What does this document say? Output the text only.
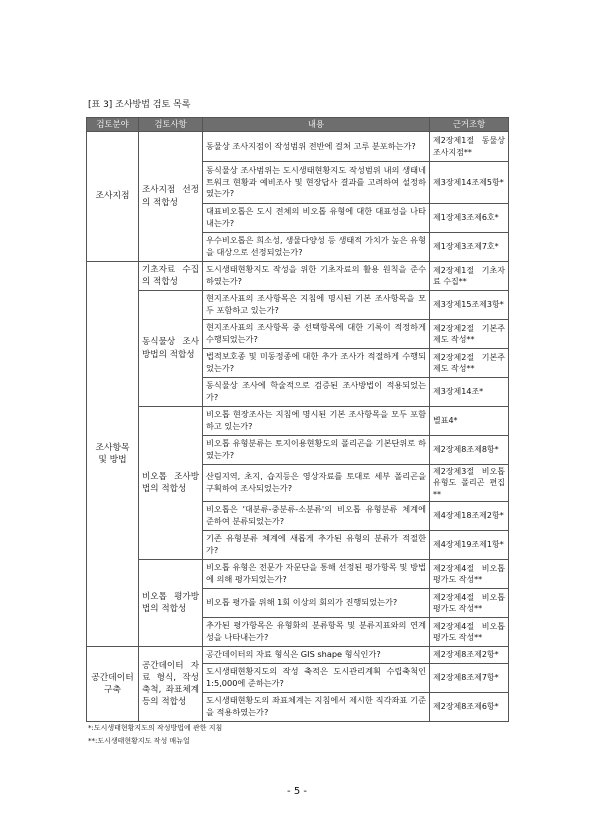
[표 3] 조사방법 검토 목록
검토분야	검토사항	내용	근거조항
조사지점	조사지점 선정의 적합성	동물상 조사지점이 작성범위 전반에 걸쳐 고루 분포하는가?	제2장제1절 동물상 조사지점**
		동식물상 조사범위는 도시생태현황지도 작성범위 내의 생태네트워크 현황과 예비조사 및 현장답사 결과를 고려하여 설정하였는가?	제3장제14조제5항*
		대표비오톱은 도시 전체의 비오톱 유형에 대한 대표성을 나타내는가?	제1장제3조제6호*
		우수비오톱은 희소성, 생물다양성 등 생태적 가치가 높은 유형을 대상으로 선정되었는가?	제1장제3조제7호*
조사항목 및 방법	기초자료 수집의 적합성	도시생태현황지도 작성을 위한 기초자료의 활용 원칙을 준수하였는가?	제2장제1절 기초자료 수집**
	동식물상 조사방법의 적합성	현지조사표의 조사항목은 지침에 명시된 기본 조사항목을 모두 포함하고 있는가?	제3장제15조제3항*
		현지조사표의 조사항목 중 선택항목에 대한 기록이 적정하게 수행되었는가?	제2장제2절 기본주제도 작성**
		법적보호종 및 미동정종에 대한 추가 조사가 적절하게 수행되었는가?	제2장제2절 기본주제도 작성**
		동식물상 조사에 학술적으로 검증된 조사방법이 적용되었는가?	제3장제14조*
	비오톱 조사방법의 적합성	비오톱 현장조사는 지침에 명시된 기본 조사항목을 모두 포함하고 있는가?	별표4*
		비오톱 유형분류는 토지이용현황도의 폴리곤을 기본단위로 하였는가?	제2장제8조제8항*
		산림지역, 초지, 습지등은 영상자료를 토대로 세부 폴리곤을 구획하여 조사되었는가?	제2장제3절 비오톱유형도 폴리곤 편집**
		비오톱은 '대분류-중분류-소분류'의 비오톱 유형분류 체계에 준하여 분류되었는가?	제4장제18조제2항*
		기존 유형분류 체계에 새롭게 추가된 유형의 분류가 적절한가?	제4장제19조제1항*
	비오톱 평가방법의 적합성	비오톱 유형은 전문가 자문단을 통해 선정된 평가항목 및 방법에 의해 평가되었는가?	제2장제4절 비오톱평가도 작성**
		비오톱 평가를 위해 1회 이상의 회의가 진행되었는가?	제2장제4절 비오톱평가도 작성**
		추가된 평가항목은 유형화의 분류항목 및 분류지표와의 연계성을 나타내는가?	제2장제4절 비오톱평가도 작성**
공간데이터 구축	공간데이터 자료 형식, 작성축척, 좌표체계 등의 적합성	공간데이터의 자료 형식은 GIS shape 형식인가?	제2장제8조제2항*
		도시생태현황지도의 작성 축적은 도시관리계획 수립축척인 1:5,000에 준하는가?	제2장제8조제7항*
		도시생태현황도의 좌표체계는 지침에서 제시한 직각좌표 기준을 적용하였는가?	제2장제8조제6항*
*:도시생태현황지도의 작성방법에 관한 지침
**:도시생태현황지도 작성 매뉴얼
- 5 -
